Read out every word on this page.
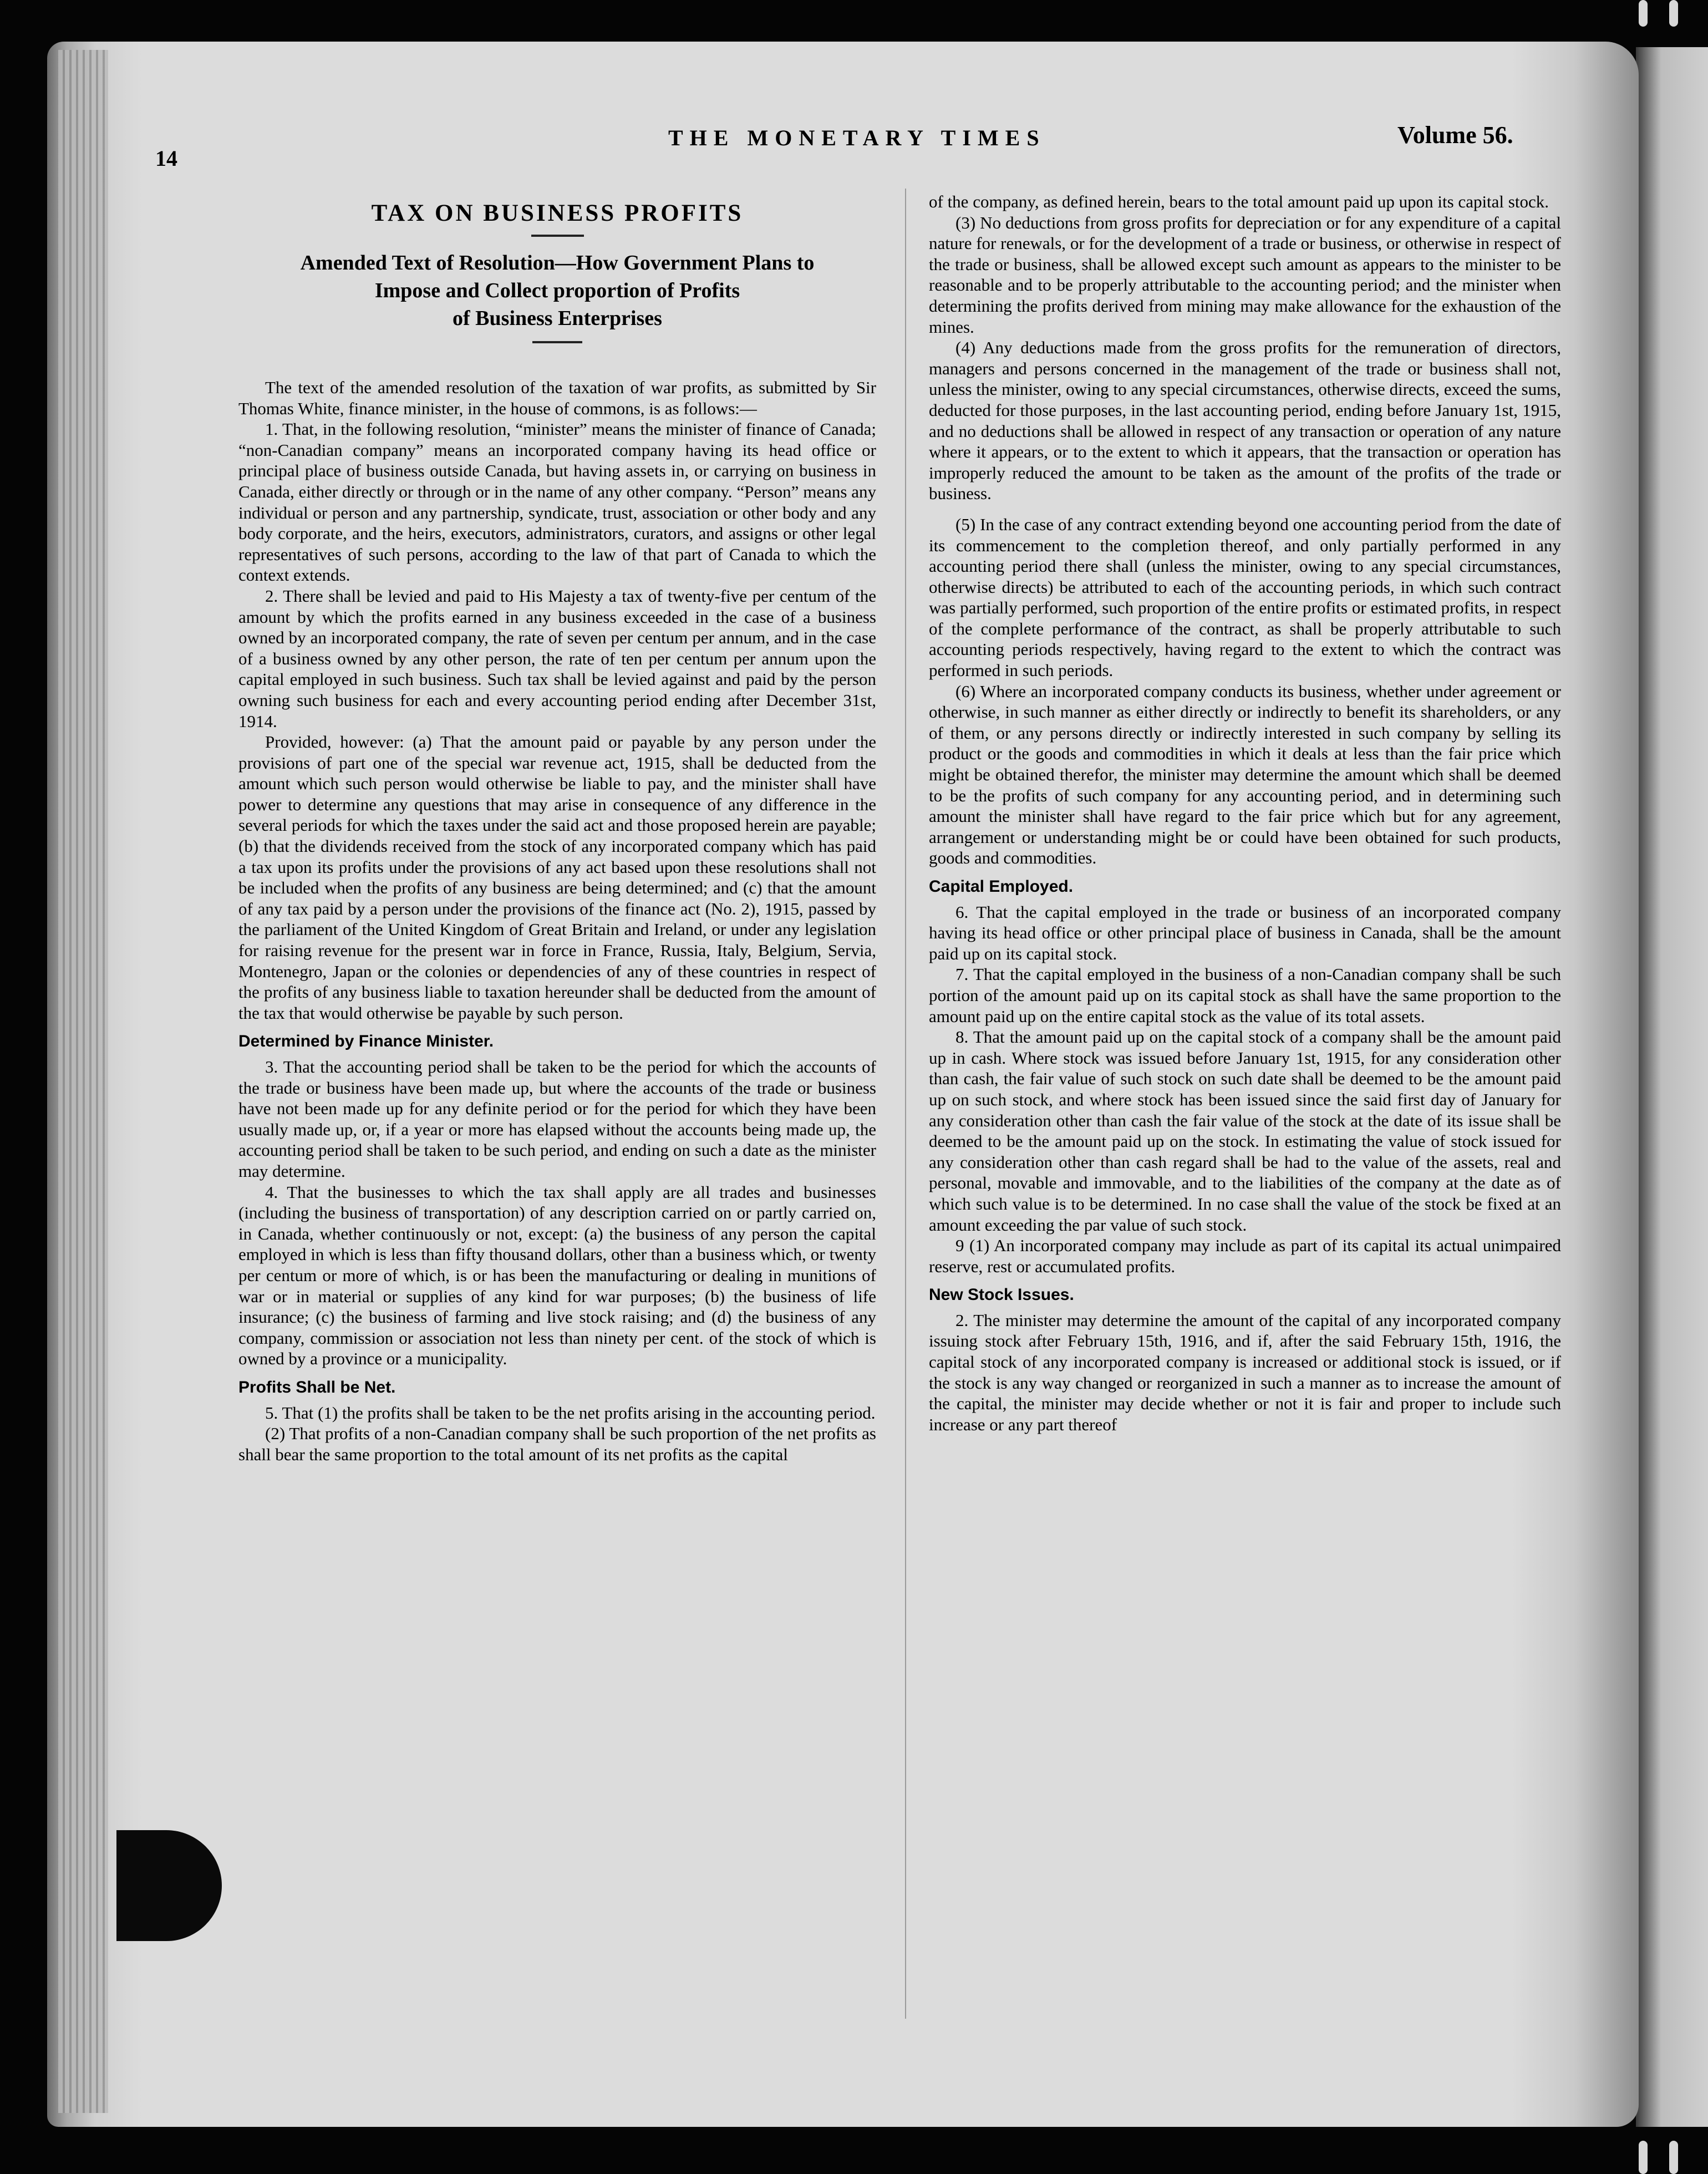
14
THE MONETARY TIMES	Volume 56.
TAX ON BUSINESS PROFITS
Amended Text of Resolution—How Government Plans to
Impose and Collect proportion of Profits
of Business Enterprises

The text of the amended resolution of the taxation of war profits, as submitted by Sir Thomas White, finance minister, in the house of commons, is as follows:—

1. That, in the following resolution, “minister” means the minister of finance of Canada; “non-Canadian company” means an incorporated company having its head office or principal place of business outside Canada, but having assets in, or carrying on business in Canada, either directly or through or in the name of any other company. “Person” means any individual or person and any partnership, syndicate, trust, association or other body and any body corporate, and the heirs, executors, administrators, curators, and assigns or other legal representatives of such persons, according to the law of that part of Canada to which the context extends.

2. There shall be levied and paid to His Majesty a tax of twenty-five per centum of the amount by which the profits earned in any business exceeded in the case of a business owned by an incorporated company, the rate of seven per centum per annum, and in the case of a business owned by any other person, the rate of ten per centum per annum upon the capital employed in such business. Such tax shall be levied against and paid by the person owning such business for each and every accounting period ending after December 31st, 1914.

Provided, however: (a) That the amount paid or payable by any person under the provisions of part one of the special war revenue act, 1915, shall be deducted from the amount which such person would otherwise be liable to pay, and the minister shall have power to determine any questions that may arise in consequence of any difference in the several periods for which the taxes under the said act and those proposed herein are payable; (b) that the dividends received from the stock of any incorporated company which has paid a tax upon its profits under the provisions of any act based upon these resolutions shall not be included when the profits of any business are being determined; and (c) that the amount of any tax paid by a person under the provisions of the finance act (No. 2), 1915, passed by the parliament of the United Kingdom of Great Britain and Ireland, or under any legislation for raising revenue for the present war in force in France, Russia, Italy, Belgium, Servia, Montenegro, Japan or the colonies or dependencies of any of these countries in respect of the profits of any business liable to taxation hereunder shall be deducted from the amount of the tax that would otherwise be payable by such person.

Determined by Finance Minister.

3. That the accounting period shall be taken to be the period for which the accounts of the trade or business have been made up, but where the accounts of the trade or business have not been made up for any definite period or for the period for which they have been usually made up, or, if a year or more has elapsed without the accounts being made up, the accounting period shall be taken to be such period, and ending on such a date as the minister may determine.

4. That the businesses to which the tax shall apply are all trades and businesses (including the business of transportation) of any description carried on or partly carried on, in Canada, whether continuously or not, except: (a) the business of any person the capital employed in which is less than fifty thousand dollars, other than a business which, or twenty per centum or more of which, is or has been the manufacturing or dealing in munitions of war or in material or supplies of any kind for war purposes; (b) the business of life insurance; (c) the business of farming and live stock raising; and (d) the business of any company, commission or association not less than ninety per cent. of the stock of which is owned by a province or a municipality.

Profits Shall be Net.

5. That (1) the profits shall be taken to be the net profits arising in the accounting period.

(2) That profits of a non-Canadian company shall be such proportion of the net profits as shall bear the same proportion to the total amount of its net profits as the capital

of the company, as defined herein, bears to the total amount paid up upon its capital stock.

(3) No deductions from gross profits for depreciation or for any expenditure of a capital nature for renewals, or for the development of a trade or business, or otherwise in respect of the trade or business, shall be allowed except such amount as appears to the minister to be reasonable and to be properly attributable to the accounting period; and the minister when determining the profits derived from mining may make allowance for the exhaustion of the mines.

(4) Any deductions made from the gross profits for the remuneration of directors, managers and persons concerned in the management of the trade or business shall not, unless the minister, owing to any special circumstances, otherwise directs, exceed the sums, deducted for those purposes, in the last accounting period, ending before January 1st, 1915, and no deductions shall be allowed in respect of any transaction or operation of any nature where it appears, or to the extent to which it appears, that the transaction or operation has improperly reduced the amount to be taken as the amount of the profits of the trade or business.

(5) In the case of any contract extending beyond one accounting period from the date of its commencement to the completion thereof, and only partially performed in any accounting period there shall (unless the minister, owing to any special circumstances, otherwise directs) be attributed to each of the accounting periods, in which such contract was partially performed, such proportion of the entire profits or estimated profits, in respect of the complete performance of the contract, as shall be properly attributable to such accounting periods respectively, having regard to the extent to which the contract was performed in such periods.

(6) Where an incorporated company conducts its business, whether under agreement or otherwise, in such manner as either directly or indirectly to benefit its shareholders, or any of them, or any persons directly or indirectly interested in such company by selling its product or the goods and commodities in which it deals at less than the fair price which might be obtained therefor, the minister may determine the amount which shall be deemed to be the profits of such company for any accounting period, and in determining such amount the minister shall have regard to the fair price which but for any agreement, arrangement or understanding might be or could have been obtained for such products, goods and commodities.

Capital Employed.

6. That the capital employed in the trade or business of an incorporated company having its head office or other principal place of business in Canada, shall be the amount paid up on its capital stock.

7. That the capital employed in the business of a non-Canadian company shall be such portion of the amount paid up on its capital stock as shall have the same proportion to the amount paid up on the entire capital stock as the value of its total assets.

8. That the amount paid up on the capital stock of a company shall be the amount paid up in cash. Where stock was issued before January 1st, 1915, for any consideration other than cash, the fair value of such stock on such date shall be deemed to be the amount paid up on such stock, and where stock has been issued since the said first day of January for any consideration other than cash the fair value of the stock at the date of its issue shall be deemed to be the amount paid up on the stock. In estimating the value of stock issued for any consideration other than cash regard shall be had to the value of the assets, real and personal, movable and immovable, and to the liabilities of the company at the date as of which such value is to be determined. In no case shall the value of the stock be fixed at an amount exceeding the par value of such stock.

9 (1) An incorporated company may include as part of its capital its actual unimpaired reserve, rest or accumulated profits.

New Stock Issues.

2. The minister may determine the amount of the capital of any incorporated company issuing stock after February 15th, 1916, and if, after the said February 15th, 1916, the capital stock of any incorporated company is increased or additional stock is issued, or if the stock is any way changed or reorganized in such a manner as to increase the amount of the capital, the minister may decide whether or not it is fair and proper to include such increase or any part thereof
